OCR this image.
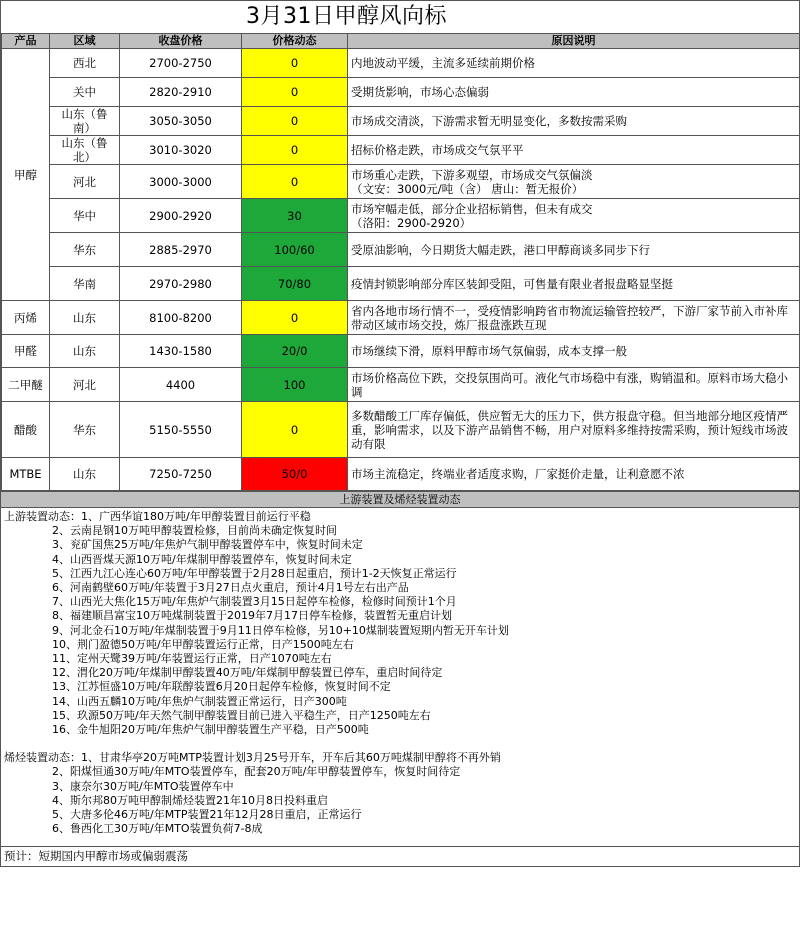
3月31日甲醇风向标
产品	区域	收盘价格	价格动态	原因说明
甲醇	西北	2700-2750	0	内地波动平缓，主流多延续前期价格
	关中	2820-2910	0	受期货影响，市场心态偏弱
	山东（鲁南）	3050-3050	0	市场成交清淡，下游需求暂无明显变化，多数按需采购
	山东（鲁北）	3010-3020	0	招标价格走跌，市场成交气氛平平
	河北	3000-3000	0	市场重心走跌，下游多观望，市场成交气氛偏淡
（文安：3000元/吨（含） 唐山：暂无报价）
	华中	2900-2920	30	市场窄幅走低，部分企业招标销售，但未有成交
（洛阳：2900-2920）
	华东	2885-2970	100/60	受原油影响，今日期货大幅走跌，港口甲醇商谈多同步下行
	华南	2970-2980	70/80	疫情封锁影响部分库区装卸受阻，可售量有限业者报盘略显坚挺
丙烯	山东	8100-8200	0	省内各地市场行情不一，受疫情影响跨省市物流运输管控较严，下游厂家节前入市补库带动区域市场交投，炼厂报盘涨跌互现
甲醛	山东	1430-1580	20/0	市场继续下滑，原料甲醇市场气氛偏弱，成本支撑一般
二甲醚	河北	4400	100	市场价格高位下跌，交投氛围尚可。液化气市场稳中有涨，购销温和。原料市场大稳小调
醋酸	华东	5150-5550	0	多数醋酸工厂库存偏低，供应暂无大的压力下，供方报盘守稳。但当地部分地区疫情严重，影响需求，以及下游产品销售不畅，用户对原料多维持按需采购，预计短线市场波动有限
MTBE	山东	7250-7250	50/0	市场主流稳定，终端业者适度求购，厂家挺价走量，让利意愿不浓
上游装置及烯烃装置动态
上游装置动态：1、广西华谊180万吨/年甲醇装置目前运行平稳
2、云南昆钢10万吨甲醇装置检修，目前尚未确定恢复时间
3、兖矿国焦25万吨/年焦炉气制甲醇装置停车中，恢复时间未定
4、山西晋煤天源10万吨/年煤制甲醇装置停车，恢复时间未定
5、江西九江心连心60万吨/年甲醇装置于2月28日起重启，预计1-2天恢复正常运行
6、河南鹤壁60万吨/年装置于3月27日点火重启，预计4月1号左右出产品
7、山西光大焦化15万吨/年焦炉气制装置3月15日起停车检修，检修时间预计1个月
8、福建顺昌富宝10万吨煤制装置于2019年7月17日停车检修，装置暂无重启计划
9、河北金石10万吨/年煤制装置于9月11日停车检修，另10+10煤制装置短期内暂无开车计划
10、荆门盈德50万吨/年甲醇装置运行正常，日产1500吨左右
11、定州天鹭39万吨/年装置运行正常，日产1070吨左右
12、渭化20万吨/年煤制甲醇装置40万吨/年煤制甲醇装置已停车，重启时间待定
13、江苏恒盛10万吨/年联醇装置6月20日起停车检修，恢复时间不定
14、山西五麟10万吨/年焦炉气制装置正常运行，日产300吨
15、玖源50万吨/年天然气制甲醇装置目前已进入平稳生产，日产1250吨左右
16、金牛旭阳20万吨/年焦炉气制甲醇装置生产平稳，日产500吨
烯烃装置动态：1、甘肃华亭20万吨MTP装置计划3月25号开车，开车后其60万吨煤制甲醇将不再外销
2、阳煤恒通30万吨/年MTO装置停车，配套20万吨/年甲醇装置停车，恢复时间待定
3、康奈尔30万吨/年MTO装置停车中
4、斯尔邦80万吨甲醇制烯烃装置21年10月8日投料重启
5、大唐多伦46万吨/年MTP装置21年12月28日重启，正常运行
6、鲁西化工30万吨/年MTO装置负荷7-8成
预计：短期国内甲醇市场或偏弱震荡
